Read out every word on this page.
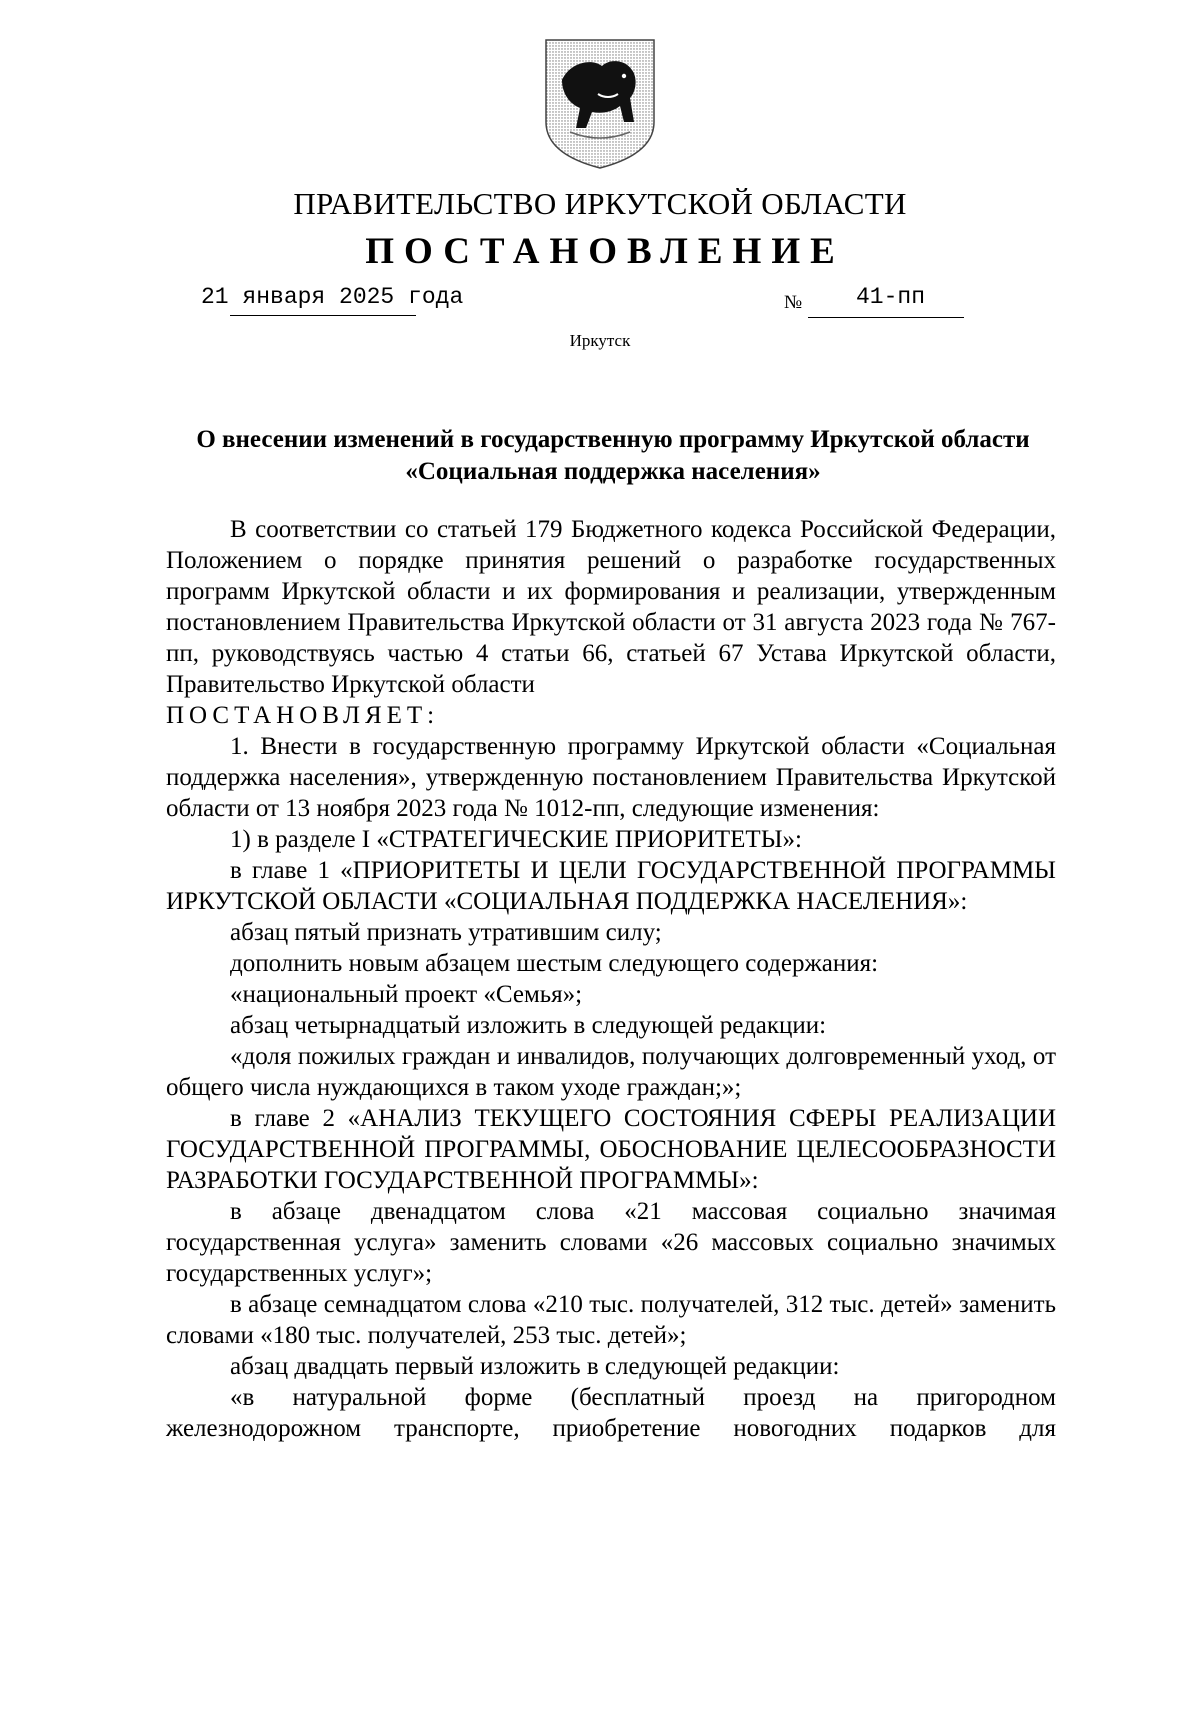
ПРАВИТЕЛЬСТВО ИРКУТСКОЙ ОБЛАСТИ
ПОСТАНОВЛЕНИЕ
21 января 2025 года	№ 41-пп
Иркутск
О внесении изменений в государственную программу Иркутской области
«Социальная поддержка населения»

В соответствии со статьей 179 Бюджетного кодекса Российской Федерации, Положением о порядке принятия решений о разработке государственных программ Иркутской области и их формирования и реализации, утвержденным постановлением Правительства Иркутской области от 31 августа 2023 года № 767-пп, руководствуясь частью 4 статьи 66, статьей 67 Устава Иркутской области, Правительство Иркутской области

ПОСТАНОВЛЯЕТ:

1. Внести в государственную программу Иркутской области «Социальная поддержка населения», утвержденную постановлением Правительства Иркутской области от 13 ноября 2023 года № 1012-пп, следующие изменения:

1) в разделе I «СТРАТЕГИЧЕСКИЕ ПРИОРИТЕТЫ»:

в главе 1 «ПРИОРИТЕТЫ И ЦЕЛИ ГОСУДАРСТВЕННОЙ ПРОГРАММЫ ИРКУТСКОЙ ОБЛАСТИ «СОЦИАЛЬНАЯ ПОДДЕРЖКА НАСЕЛЕНИЯ»:

абзац пятый признать утратившим силу;

дополнить новым абзацем шестым следующего содержания:

«национальный проект «Семья»;

абзац четырнадцатый изложить в следующей редакции:

«доля пожилых граждан и инвалидов, получающих долговременный уход, от общего числа нуждающихся в таком уходе граждан;»;

в главе 2 «АНАЛИЗ ТЕКУЩЕГО СОСТОЯНИЯ СФЕРЫ РЕАЛИЗАЦИИ ГОСУДАРСТВЕННОЙ ПРОГРАММЫ, ОБОСНОВАНИЕ ЦЕЛЕСООБРАЗНОСТИ РАЗРАБОТКИ ГОСУДАРСТВЕННОЙ ПРОГРАММЫ»:

в абзаце двенадцатом слова «21 массовая социально значимая государственная услуга» заменить словами «26 массовых социально значимых государственных услуг»;

в абзаце семнадцатом слова «210 тыс. получателей, 312 тыс. детей» заменить словами «180 тыс. получателей, 253 тыс. детей»;

абзац двадцать первый изложить в следующей редакции:

«в натуральной форме (бесплатный проезд на пригородном железнодорожном транспорте, приобретение новогодних подарков для
